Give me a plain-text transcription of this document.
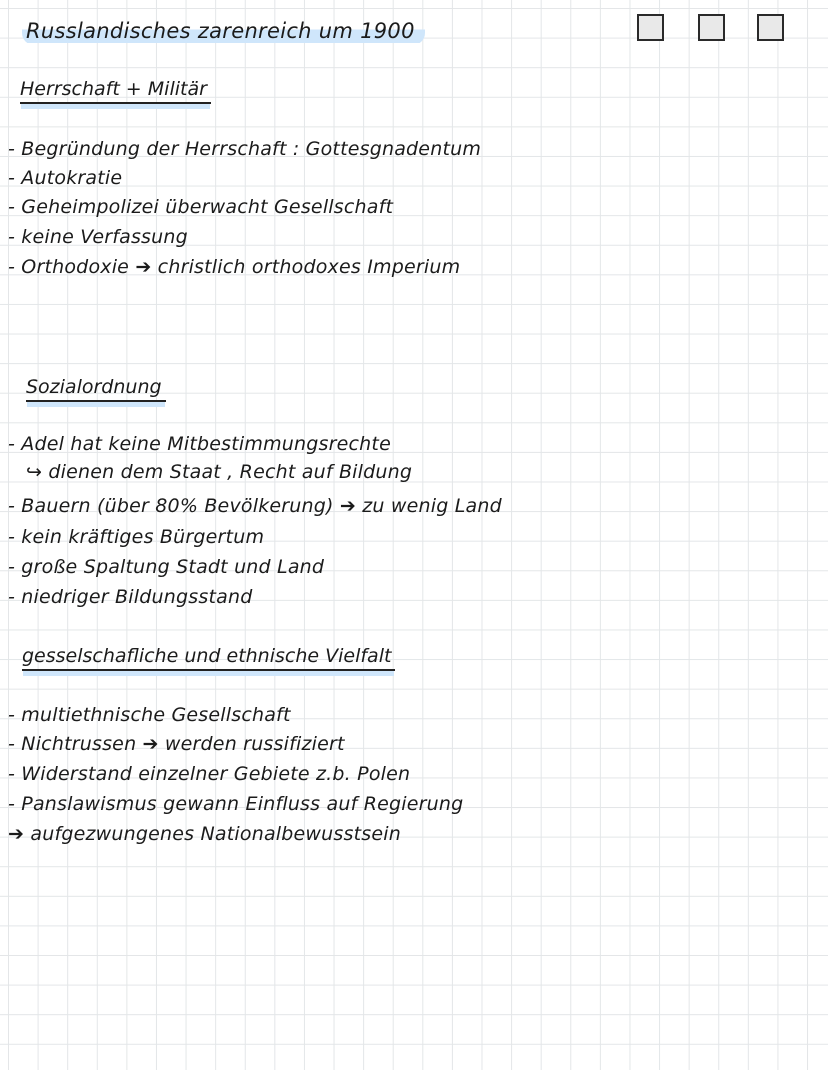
Russlandisches zarenreich um 1900
Herrschaft + Militär
- Begründung der Herrschaft : Gottesgnadentum
- Autokratie
- Geheimpolizei überwacht Gesellschaft
- keine Verfassung
- Orthodoxie ➔ christlich orthodoxes Imperium
Sozialordnung
- Adel hat keine Mitbestimmungsrechte
↪ dienen dem Staat , Recht auf Bildung
- Bauern (über 80% Bevölkerung) ➔ zu wenig Land
- kein kräftiges Bürgertum
- große Spaltung Stadt und Land
- niedriger Bildungsstand
gesselschafliche und ethnische Vielfalt
- multiethnische Gesellschaft
- Nichtrussen ➔ werden russifiziert
- Widerstand einzelner Gebiete z.b. Polen
- Panslawismus gewann Einfluss auf Regierung
➔ aufgezwungenes Nationalbewusstsein
